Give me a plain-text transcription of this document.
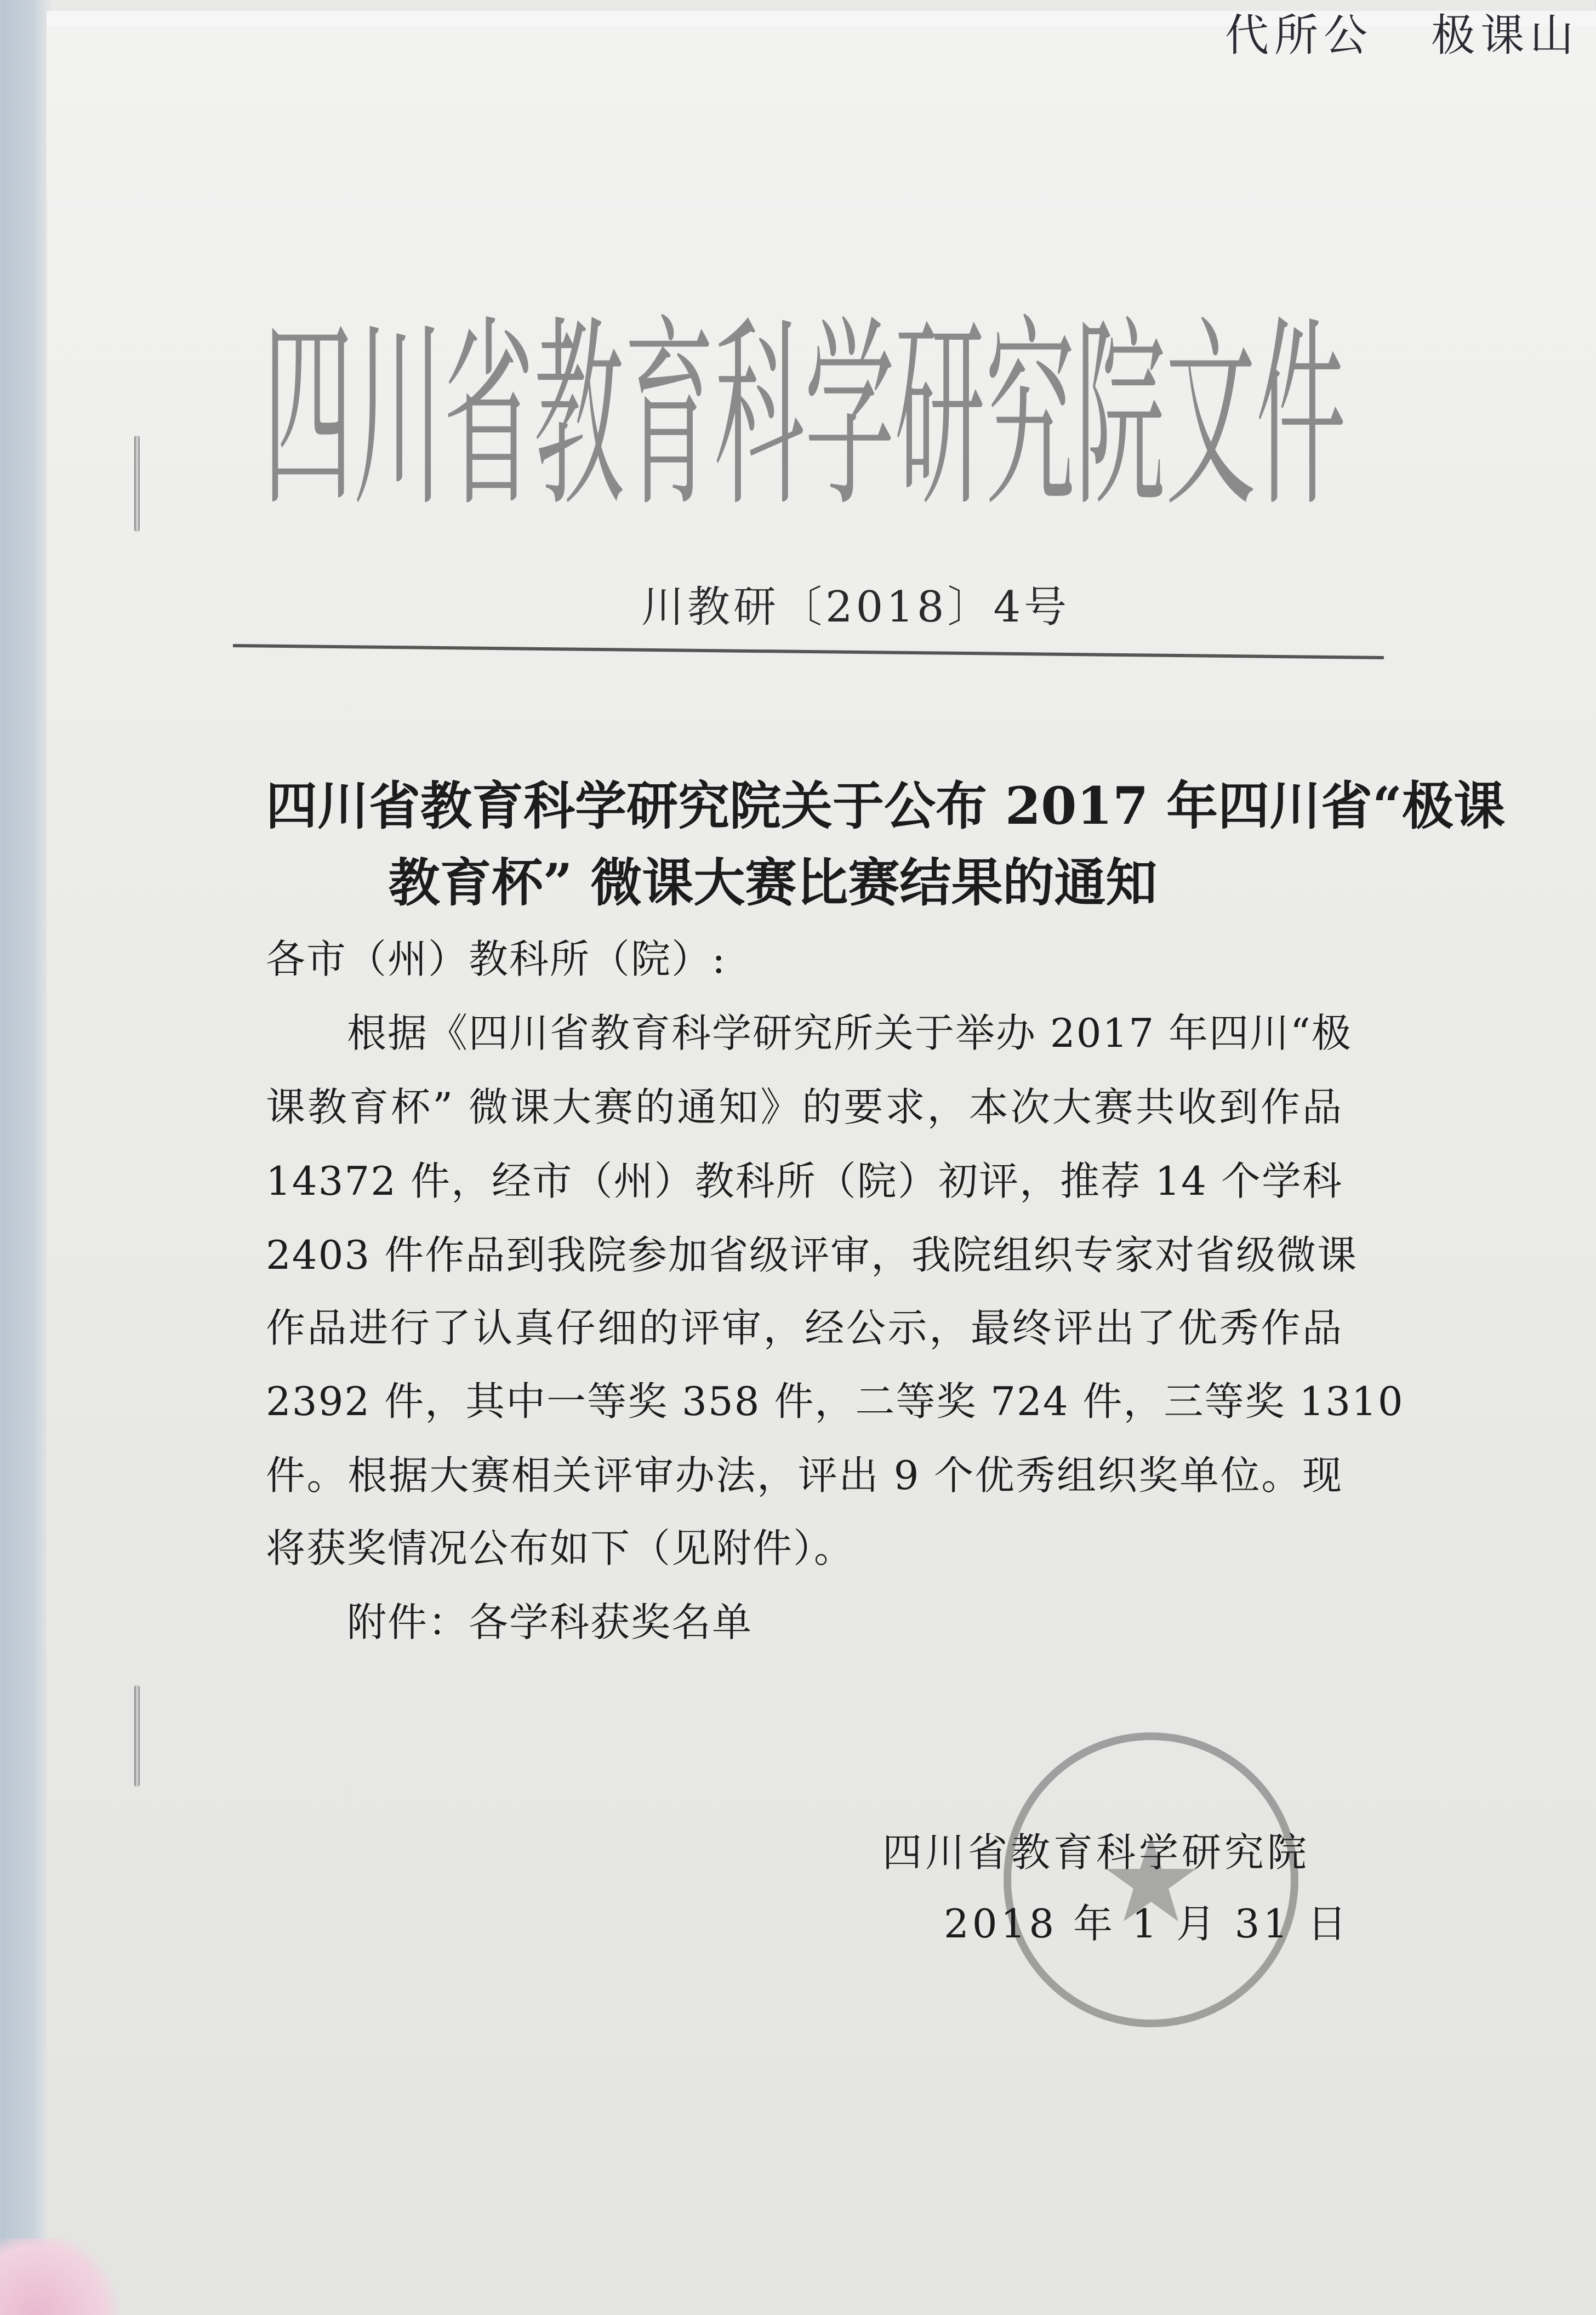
代所公   极课山
四川省教育科学研究院文件
川教研〔2018〕4号
四川省教育科学研究院关于公布 2017 年四川省“极课
教育杯” 微课大赛比赛结果的通知
各市（州）教科所（院）:
　　根据《四川省教育科学研究所关于举办 2017 年四川“极
课教育杯” 微课大赛的通知》的要求，本次大赛共收到作品
14372 件，经市（州）教科所（院）初评，推荐 14 个学科
2403 件作品到我院参加省级评审，我院组织专家对省级微课
作品进行了认真仔细的评审，经公示，最终评出了优秀作品
2392 件，其中一等奖 358 件，二等奖 724 件，三等奖 1310
件。根据大赛相关评审办法，评出 9 个优秀组织奖单位。现
将获奖情况公布如下（见附件）。
　　附件：各学科获奖名单
四川省教育科学研究院
2018 年 1 月 31 日
